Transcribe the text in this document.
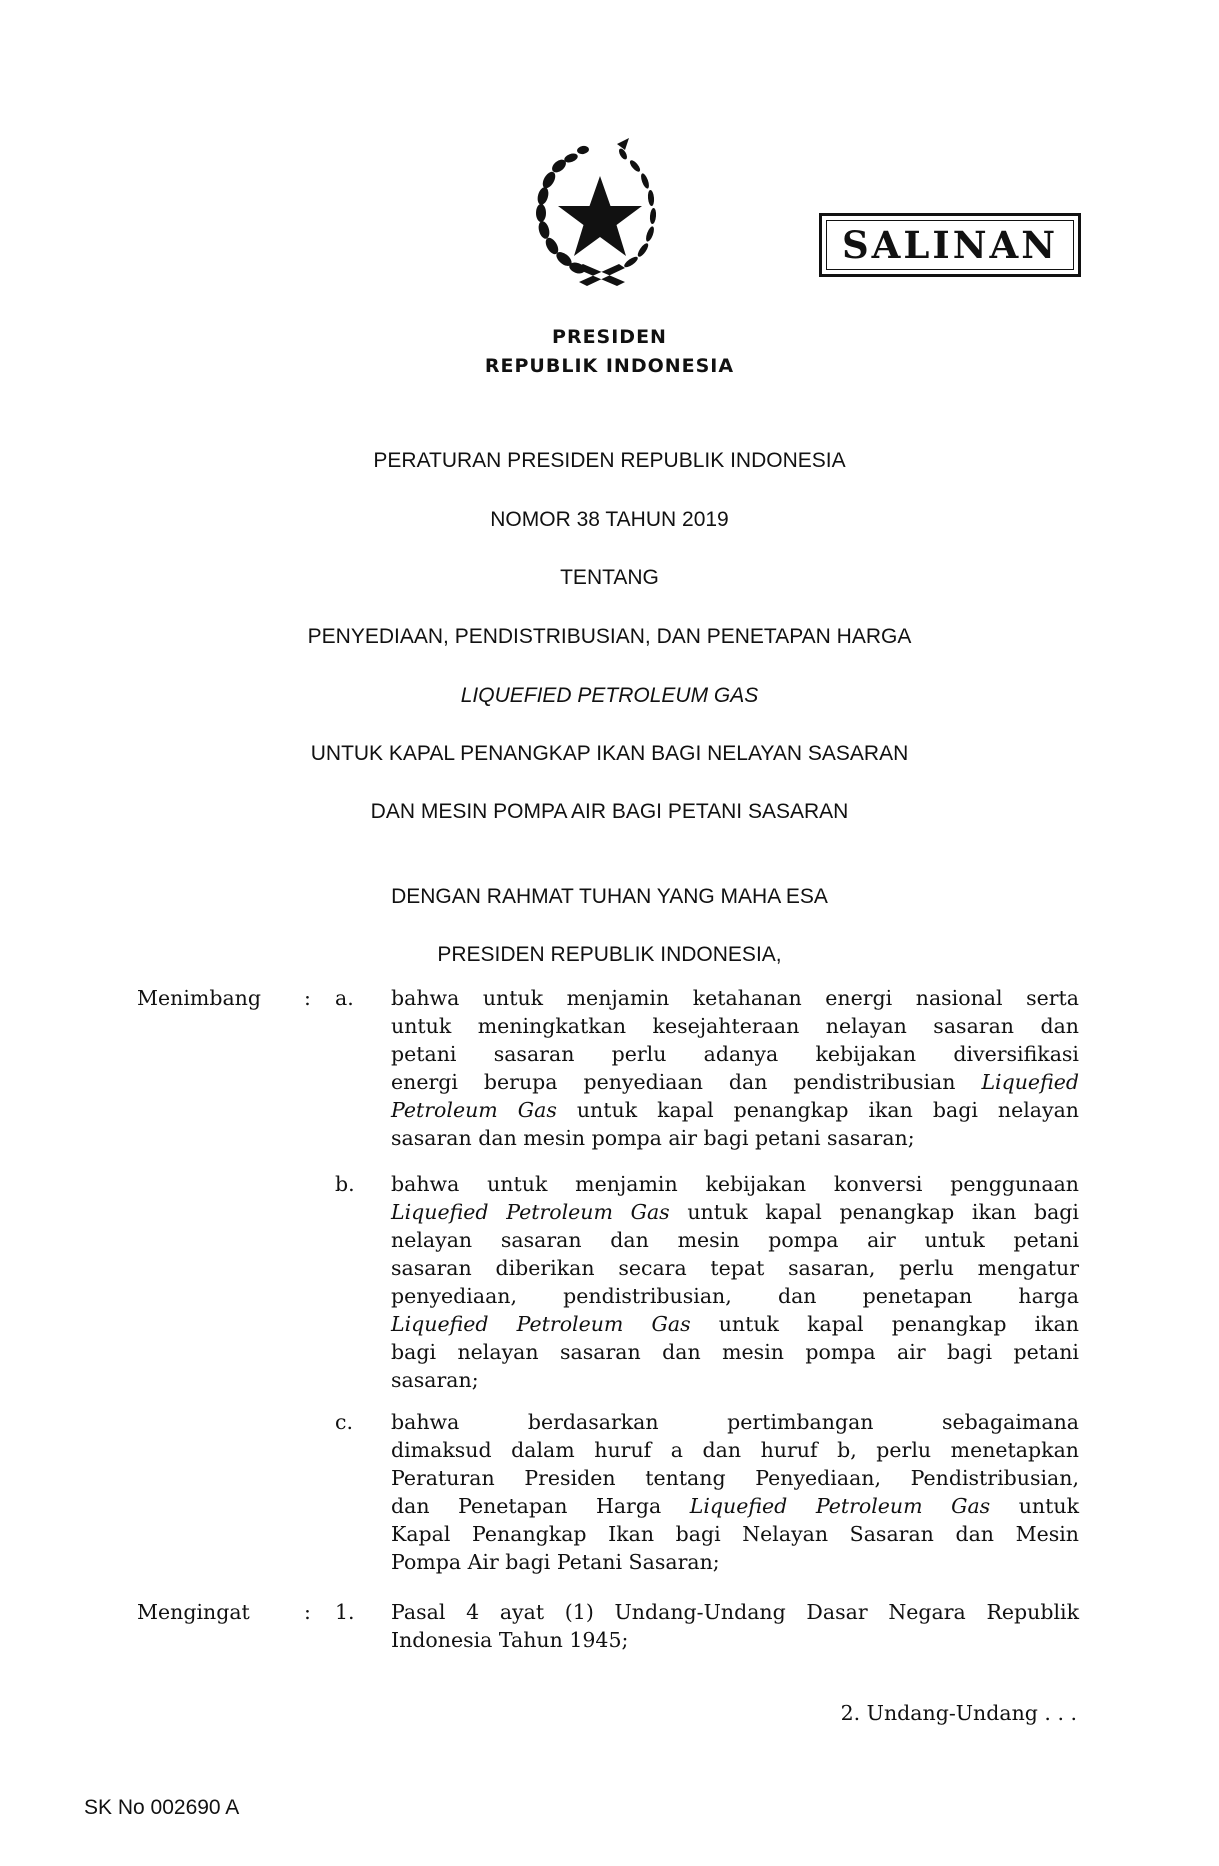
SALINAN
PRESIDEN
REPUBLIK INDONESIA
PERATURAN PRESIDEN REPUBLIK INDONESIA
NOMOR 38 TAHUN 2019
TENTANG
PENYEDIAAN, PENDISTRIBUSIAN, DAN PENETAPAN HARGA
LIQUEFIED PETROLEUM GAS
UNTUK KAPAL PENANGKAP IKAN BAGI NELAYAN SASARAN
DAN MESIN POMPA AIR BAGI PETANI SASARAN
DENGAN RAHMAT TUHAN YANG MAHA ESA
PRESIDEN REPUBLIK INDONESIA,
Menimbang : a. bahwa untuk menjamin ketahanan energi nasional serta
untuk meningkatkan kesejahteraan nelayan sasaran dan
petani sasaran perlu adanya kebijakan diversifikasi
energi berupa penyediaan dan pendistribusian Liquefied
Petroleum Gas untuk kapal penangkap ikan bagi nelayan
sasaran dan mesin pompa air bagi petani sasaran;
b. bahwa untuk menjamin kebijakan konversi penggunaan
Liquefied Petroleum Gas untuk kapal penangkap ikan bagi
nelayan sasaran dan mesin pompa air untuk petani
sasaran diberikan secara tepat sasaran, perlu mengatur
penyediaan, pendistribusian, dan penetapan harga
Liquefied Petroleum Gas untuk kapal penangkap ikan
bagi nelayan sasaran dan mesin pompa air bagi petani
sasaran;
c. bahwa berdasarkan pertimbangan sebagaimana
dimaksud dalam huruf a dan huruf b, perlu menetapkan
Peraturan Presiden tentang Penyediaan, Pendistribusian,
dan Penetapan Harga Liquefied Petroleum Gas untuk
Kapal Penangkap Ikan bagi Nelayan Sasaran dan Mesin
Pompa Air bagi Petani Sasaran;
Mengingat	: 1. Pasal 4 ayat (1) Undang-Undang Dasar Negara Republik
Indonesia Tahun 1945;
2. Undang-Undang . . .
SK No 002690 A
